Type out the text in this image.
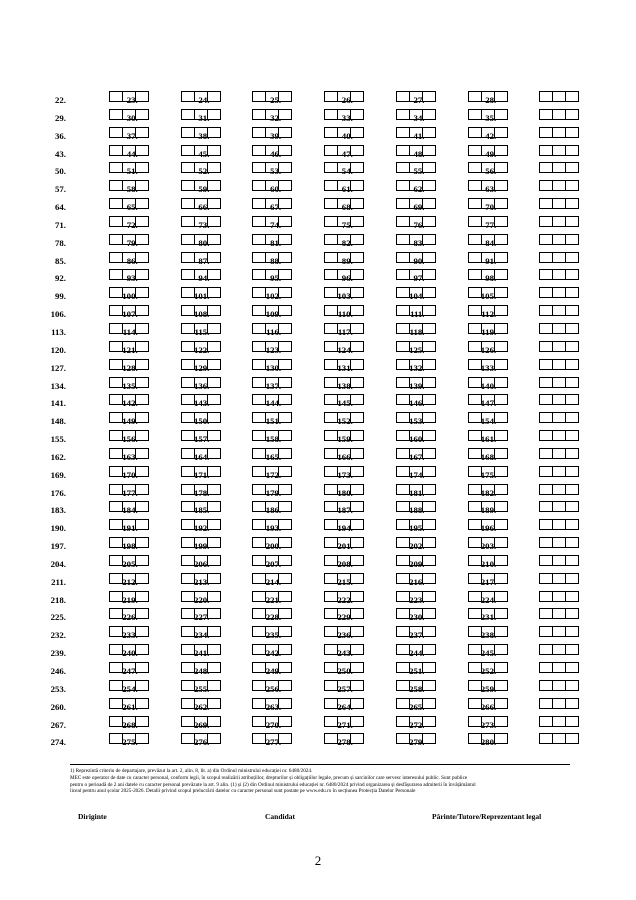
22.	23.	24.	25.	26.	27.	28.
29.	30.	31.	32.	33.	34.	35.
36.	37.	38.	39.	40.	41.	42.
43.	44.	45.	46.	47.	48.	49.
50.	51.	52.	53.	54.	55.	56.
57.	58.	59.	60.	61.	62.	63.
64.	65.	66.	67.	68.	69.	70.
71.	72.	73.	74.	75.	76.	77.
78.	79.	80.	81.	82.	83.	84.
85.	86.	87.	88.	89.	90.	91.
92.	93.	94.	95.	96.	97.	98.
99.	100.	101.	102.	103.	104.	105.
106.	107.	108.	109.	110.	111.	112.
113.	114.	115.	116.	117.	118.	119.
120.	121.	122.	123.	124.	125.	126.
127.	128.	129.	130.	131.	132.	133.
134.	135.	136.	137.	138.	139.	140.
141.	142.	143.	144.	145.	146.	147.
148.	149.	150.	151.	152.	153.	154.
155.	156.	157.	158.	159.	160.	161.
162.	163.	164.	165.	166.	167.	168.
169.	170.	171.	172.	173.	174.	175.
176.	177.	178.	179.	180.	181.	182.
183.	184.	185.	186.	187.	188.	189.
190.	191.	192.	193.	194.	195.	196.
197.	198.	199.	200.	201.	202.	203.
204.	205.	206.	207.	208.	209.	210.
211.	212.	213.	214.	215.	216.	217.
218.	219.	220.	221.	222.	223.	224.
225.	226.	227.	228.	229.	230.	231.
232.	233.	234.	235.	236.	237.	238.
239.	240.	241.	242.	243.	244.	245.
246.	247.	248.	249.	250.	251.	252.
253.	254.	255.	256.	257.	258.	259.
260.	261.	262.	263.	264.	265.	266.
267.	268.	269.	270.	271.	272.	273.
274.	275.	276.	277.	278.	279.	280.
1) Reprezintă criteriu de departajare, prevăzut la art. 2, alin. 8, lit. a) din Ordinul ministrului educației nr. 6480/2024.
MEC este operator de date cu caracter personal, conform legii, în scopul realizării atribuțiilor, drepturilor și obligațiilor legale, precum și sarcinilor care servesc interesului public. Sunt publice
pentru o perioadă de 2 ani datele cu caracter personal prevăzute la art. 9 alin. (1) și (2) din Ordinul ministrului educației nr. 6480/2024 privind organizarea și desfășurarea admiterii în învățământul
liceal pentru anul școlar 2025-2026. Detalii privind scopul prelucrării datelor cu caracter personal sunt postate pe www.edu.ro în secțiunea Protecția Datelor Personale
Diriginte	Candidat	Părinte/Tutore/Reprezentant legal
2
